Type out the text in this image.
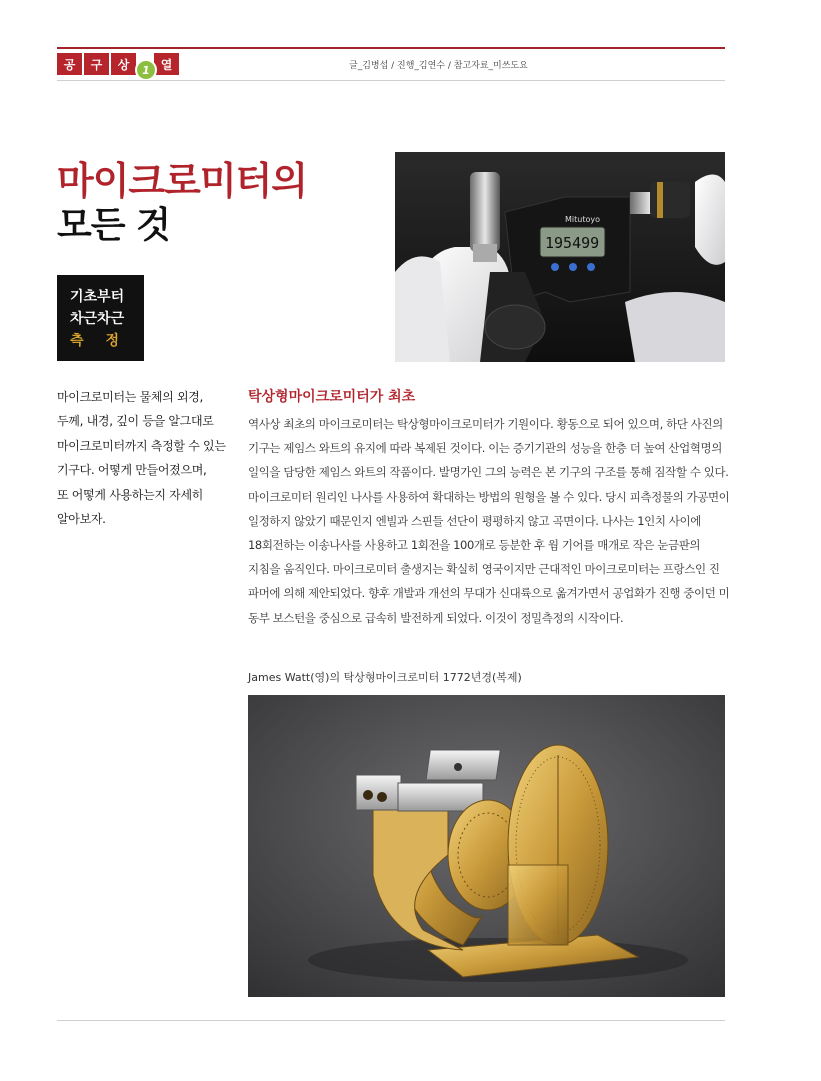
공	구	상	열
1	글_김병섭 / 진행_김연수 / 참고자료_미쓰도요
마이크로미터의
모든 것
기초부터
차근차근
측정
195499
Mitutoyo
마이크로미터는 물체의 외경,
두께, 내경, 깊이 등을 알그대로
마이크로미터까지 측정할 수 있는
기구다. 어떻게 만들어졌으며,
또 어떻게 사용하는지 자세히
알아보자.
탁상형마이크로미터가 최초

역사상 최초의 마이크로미터는 탁상형마이크로미터가 기원이다. 황동으로 되어 있으며, 하단 사진의

기구는 제임스 와트의 유지에 따라 복제된 것이다. 이는 증기기관의 성능을 한층 더 높여 산업혁명의

일익을 담당한 제임스 와트의 작품이다. 발명가인 그의 능력은 본 기구의 구조를 통해 짐작할 수 있다.

마이크로미터 원리인 나사를 사용하여 확대하는 방법의 원형을 볼 수 있다. 당시 피측정물의 가공면이

일정하지 않았기 때문인지 엔빌과 스핀들 선단이 평평하지 않고 곡면이다. 나사는 1인치 사이에

18회전하는 이송나사를 사용하고 1회전을 100개로 등분한 후 웜 기어를 매개로 작은 눈금판의

지침을 움직인다. 마이크로미터 출생지는 확실히 영국이지만 근대적인 마이크로미터는 프랑스인 진

파머에 의해 제안되었다. 향후 개발과 개선의 무대가 신대륙으로 옮겨가면서 공업화가 진행 중이던 미

동부 보스턴을 중심으로 급속히 발전하게 되었다. 이것이 정밀측정의 시작이다.

James Watt(영)의 탁상형마이크로미터 1772년경(복제)
